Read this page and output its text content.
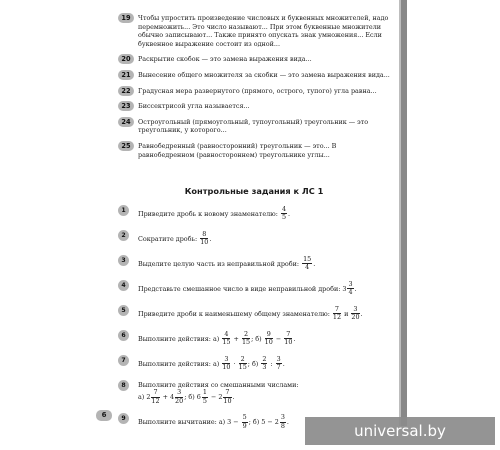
19	Чтобы упростить произведение числовых и буквенных множителей, надо перемножить... Это число называют... При этом буквенные множители обычно записывают... Также принято опускать знак умножения... Если буквенное выражение состоит из одной...
20	Раскрытие скобок — это замена выражения вида...
21	Вынесение общего множителя за скобки — это замена выражения вида...
22	Градусная мера развернутого (прямого, острого, тупого) угла равна...
23	Биссектрисой угла называется...
24	Остроугольный (прямоугольный, тупоугольный) треугольник — это треугольник, у которого...
25	Равнобедренный (равносторонний) треугольник — это... В равнобедренном (равностороннем) треугольнике углы...
Контрольные задания к ЛС 1
1	Приведите дробь к новому знаменателю: $\frac{4}{5}$ .
2	Сократите дробь: $\frac{8}{10}$ .
3	Выделите целую часть из неправильной дроби: $\frac{15}{4}$ .
4	Представьте смешанное число в виде неправильной дроби: $3 \frac{3}{4}$ .
5	Приведите дроби к наименьшему общему знаменателю: $\frac{7}{12}$ и $\frac{3}{20}$ .
6	Выполните действия: $а) \frac{4}{15} + \frac{2}{15}$ ; $б) \frac{9}{10} - \frac{7}{10}$ .
7	Выполните действия: $а) \frac{3}{10} \cdot \frac{2}{15}$ ; $б) \frac{2}{3}$ : $\frac{3}{7}$ .
8	Выполните действия со смешанными числами:
а) $2 \frac{7}{12} + 4 \frac{3}{20}$ ; б) $6 \frac{1}{5} - 2 \frac{7}{10}$ .
9	Выполните вычитание: а) $3 - \frac{5}{9}$ ; б) $5 - 2 \frac{3}{8}$ .
6
universal.by
